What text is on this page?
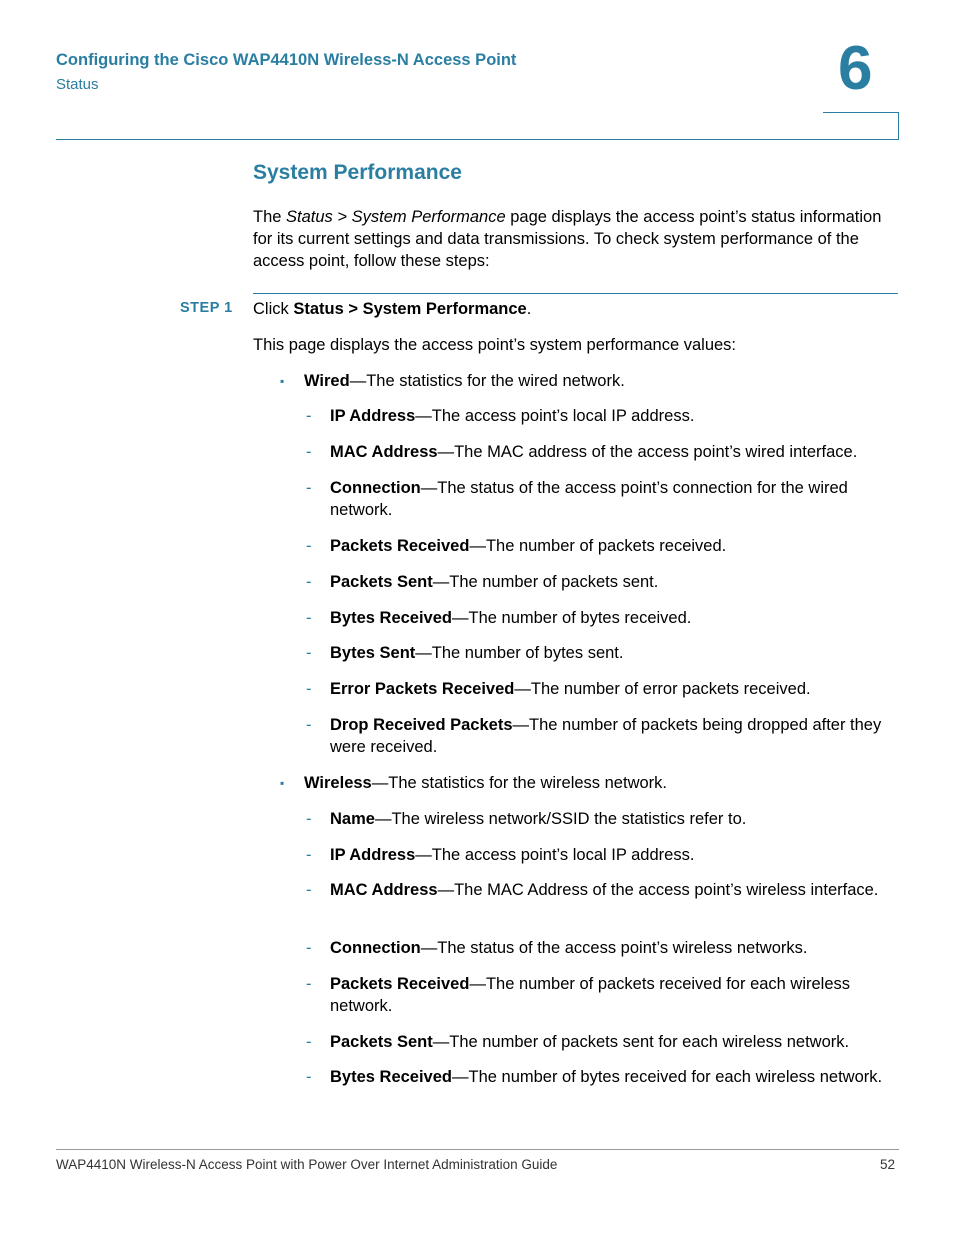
Configuring the Cisco WAP4410N Wireless-N Access Point
Status	6
System Performance
The Status > System Performance page displays the access point’s status information for its current settings and data transmissions. To check system performance of the access point, follow these steps:
STEP 1 Click Status > System Performance.
This page displays the access point’s system performance values:
▪ Wired—The statistics for the wired network.
- IP Address—The access point’s local IP address.
- MAC Address—The MAC address of the access point’s wired interface.
- Connection—The status of the access point’s connection for the wired network.
- Packets Received—The number of packets received.
- Packets Sent—The number of packets sent.
- Bytes Received—The number of bytes received.
- Bytes Sent—The number of bytes sent.
- Error Packets Received—The number of error packets received.
- Drop Received Packets—The number of packets being dropped after they were received.
▪ Wireless—The statistics for the wireless network.
- Name—The wireless network/SSID the statistics refer to.
- IP Address—The access point’s local IP address.
- MAC Address—The MAC Address of the access point’s wireless interface.
- Connection—The status of the access point’s wireless networks.
- Packets Received—The number of packets received for each wireless network.
- Packets Sent—The number of packets sent for each wireless network.
- Bytes Received—The number of bytes received for each wireless network.
WAP4410N Wireless-N Access Point with Power Over Internet Administration Guide	52
